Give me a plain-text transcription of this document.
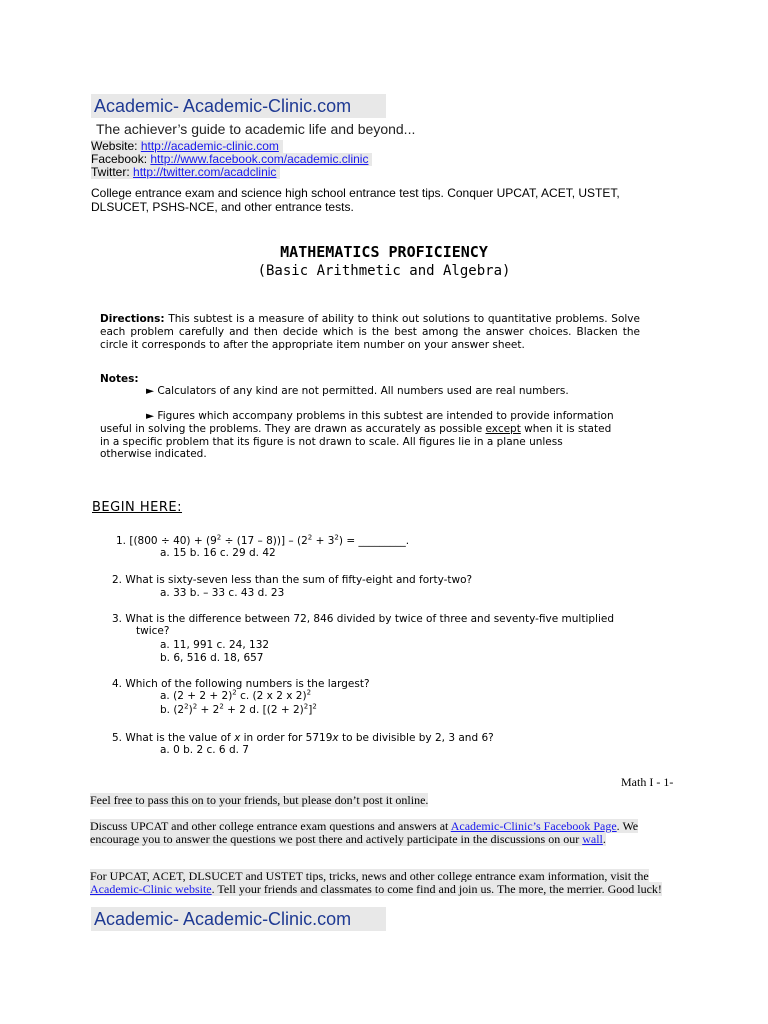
Academic- Academic-Clinic.com
The achiever’s guide to academic life and beyond...
Website: http://academic-clinic.com
Facebook: http://www.facebook.com/academic.clinic
Twitter: http://twitter.com/acadclinic
College entrance exam and science high school entrance test tips. Conquer UPCAT, ACET, USTET,
DLSUCET, PSHS-NCE, and other entrance tests.
MATHEMATICS PROFICIENCY
(Basic Arithmetic and Algebra)
Directions: This subtest is a measure of ability to think out solutions to quantitative problems. Solve each problem carefully and then decide which is the best among the answer choices. Blacken the circle it corresponds to after the appropriate item number on your answer sheet.
Notes:
► Calculators of any kind are not permitted. All numbers used are real numbers.
► Figures which accompany problems in this subtest are intended to provide information useful in solving the problems. They are drawn as accurately as possible except when it is stated in a specific problem that its figure is not drawn to scale. All figures lie in a plane unless otherwise indicated.
BEGIN HERE:
1. $[(800 \div 40) + (9^2 \div (17 - 8))] - (2^2 + 3^2)$ = _________.
a. 15 b. 16 c. 29 d. 42
2. What is sixty-seven less than the sum of fifty-eight and forty-two?
a. 33 b. – 33 c. 43 d. 23
3. What is the difference between 72, 846 divided by twice of three and seventy-five multiplied
twice?
a. 11, 991 c. 24, 132
b. 6, 516 d. 18, 657
4. Which of the following numbers is the largest?
a. $(2 + 2 + 2)^2$ c. (2 x 2 x 2)$^2$
b. $(2^2)^2 + 2^2 + 2$ d. $[(2 + 2)^2]^2$
5. What is the value of x in order for 5719x to be divisible by 2, 3 and 6?
a. 0 b. 2 c. 6 d. 7
Math I - 1-
Feel free to pass this on to your friends, but please don’t post it online.
Discuss UPCAT and other college entrance exam questions and answers at Academic-Clinic’s Facebook Page. We encourage you to answer the questions we post there and actively participate in the discussions on our wall.
For UPCAT, ACET, DLSUCET and USTET tips, tricks, news and other college entrance exam information, visit the Academic-Clinic website. Tell your friends and classmates to come find and join us. The more, the merrier. Good luck!
Academic- Academic-Clinic.com
